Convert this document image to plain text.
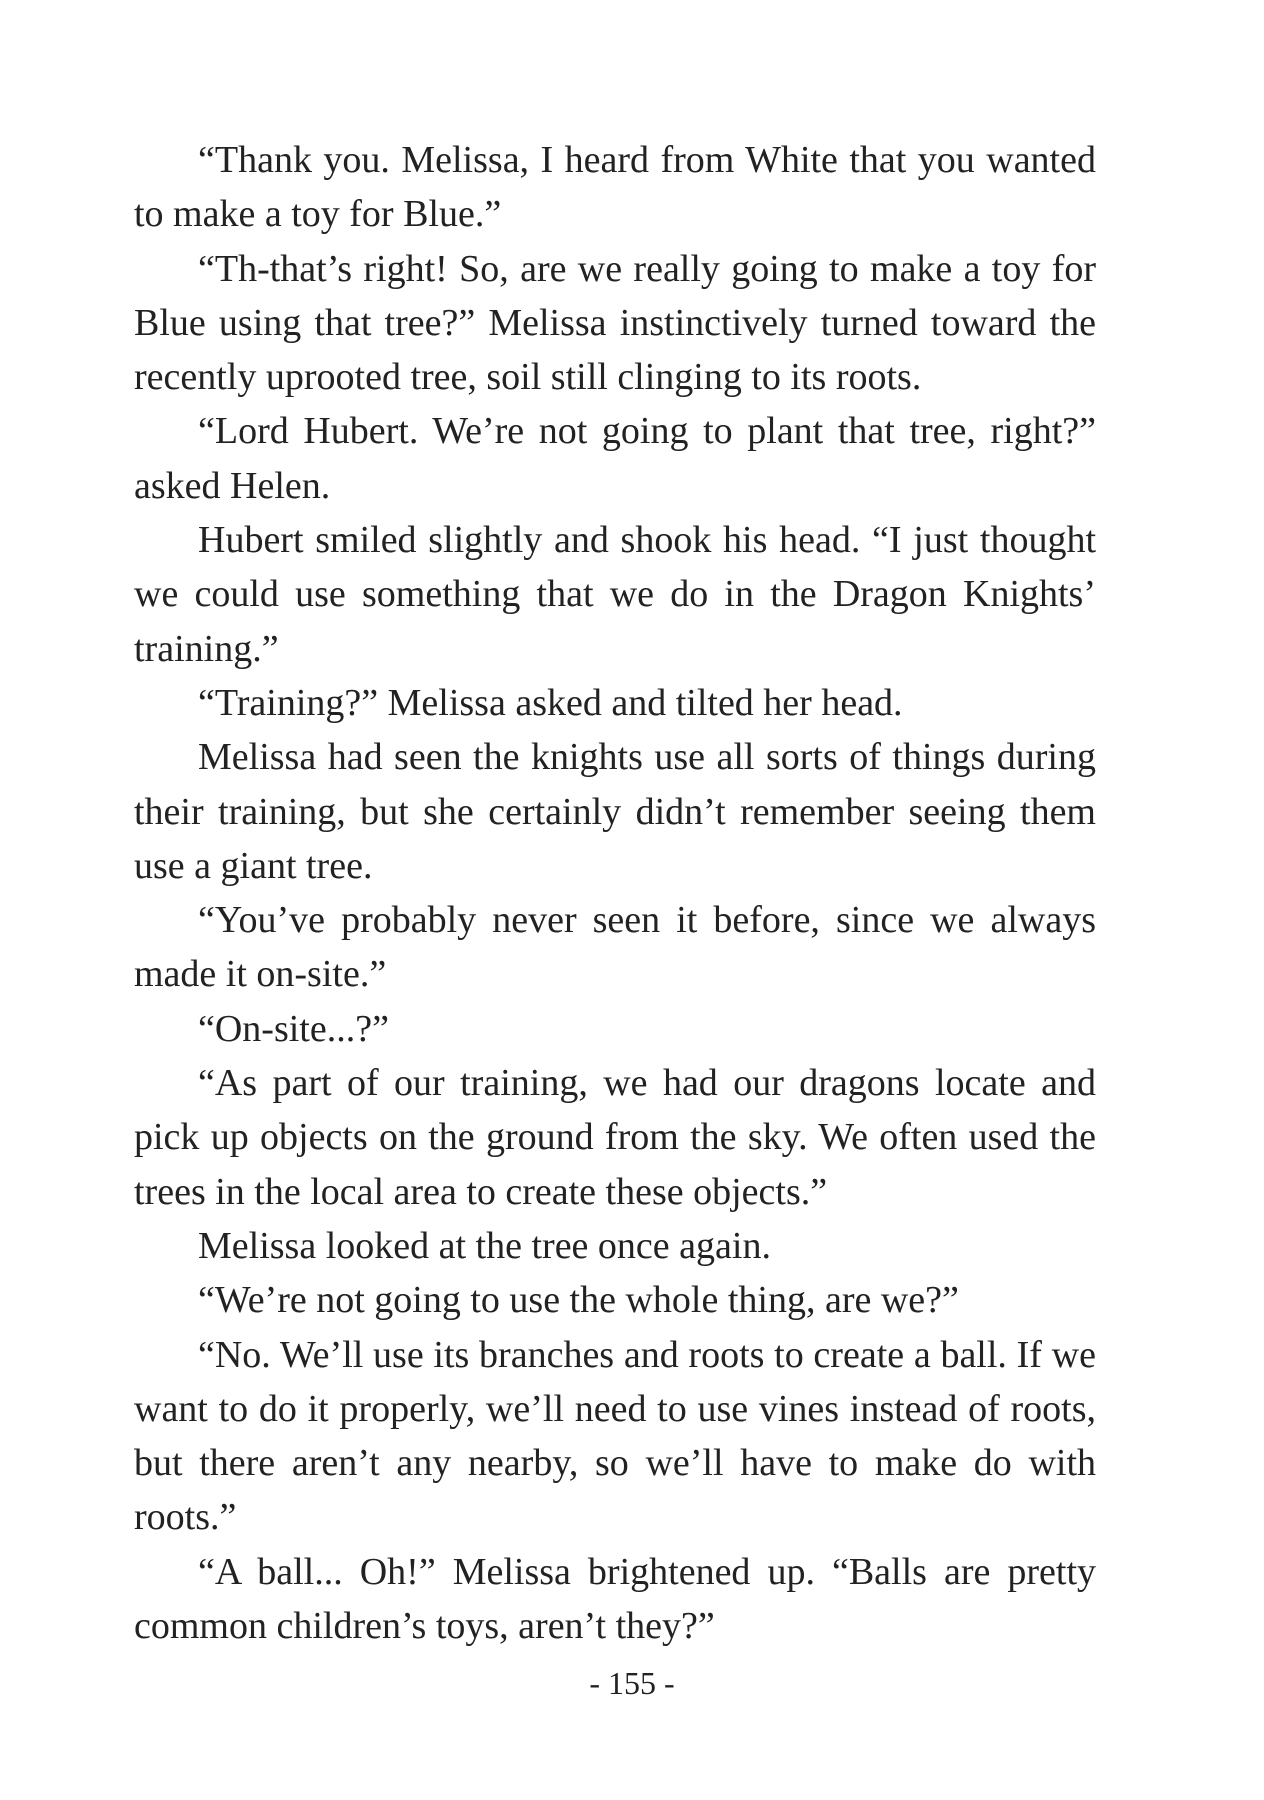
“Thank you. Melissa, I heard from White that you wanted to make a toy for Blue.”

“Th-that’s right! So, are we really going to make a toy for Blue using that tree?” Melissa instinctively turned toward the recently uprooted tree, soil still clinging to its roots.

“Lord Hubert. We’re not going to plant that tree, right?” asked Helen.

Hubert smiled slightly and shook his head. “I just thought we could use something that we do in the Dragon Knights’ training.”

“Training?” Melissa asked and tilted her head.

Melissa had seen the knights use all sorts of things during their training, but she certainly didn’t remember seeing them use a giant tree.

“You’ve probably never seen it before, since we always made it on-site.”

“On-site...?”

“As part of our training, we had our dragons locate and pick up objects on the ground from the sky. We often used the trees in the local area to create these objects.”

Melissa looked at the tree once again.

“We’re not going to use the whole thing, are we?”

“No. We’ll use its branches and roots to create a ball. If we want to do it properly, we’ll need to use vines instead of roots, but there aren’t any nearby, so we’ll have to make do with roots.”

“A ball... Oh!” Melissa brightened up. “Balls are pretty common children’s toys, aren’t they?”

- 155 -
